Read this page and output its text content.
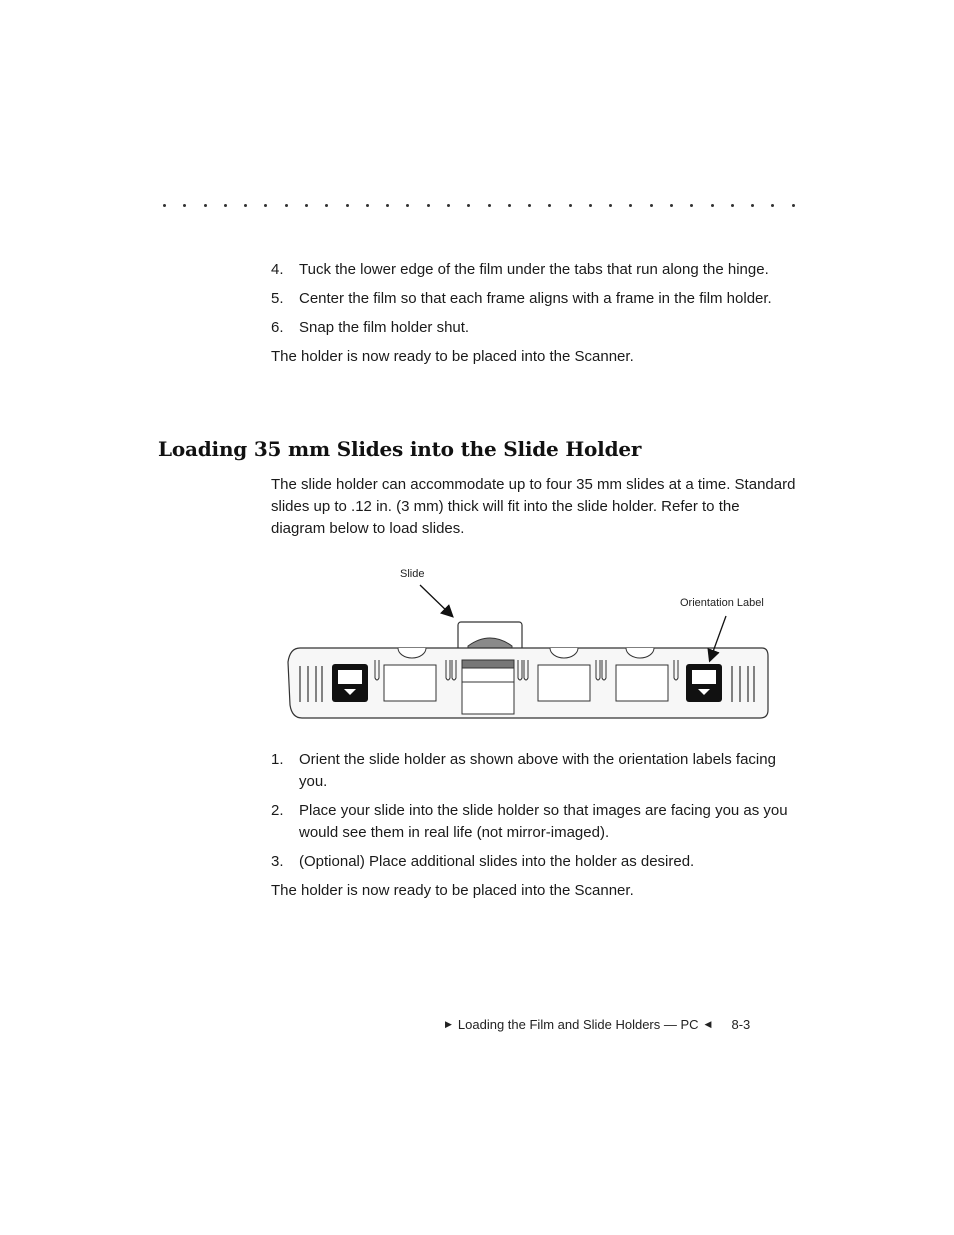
4. Tuck the lower edge of the film under the tabs that run along the hinge.
5. Center the film so that each frame aligns with a frame in the film holder.
6. Snap the film holder shut.

The holder is now ready to be placed into the Scanner.

Loading 35 mm Slides into the Slide Holder

The slide holder can accommodate up to four 35 mm slides at a time. Standard slides up to .12 in. (3 mm) thick will fit into the slide holder. Refer to the diagram below to load slides.

Slide
Orientation Label
1. Orient the slide holder as shown above with the orientation labels facing you.
2. Place your slide into the slide holder so that images are facing you as you would see them in real life (not mirror-imaged).
3. (Optional) Place additional slides into the holder as desired.

The holder is now ready to be placed into the Scanner.

▶ Loading the Film and Slide Holders — PC ◀ 8-3
